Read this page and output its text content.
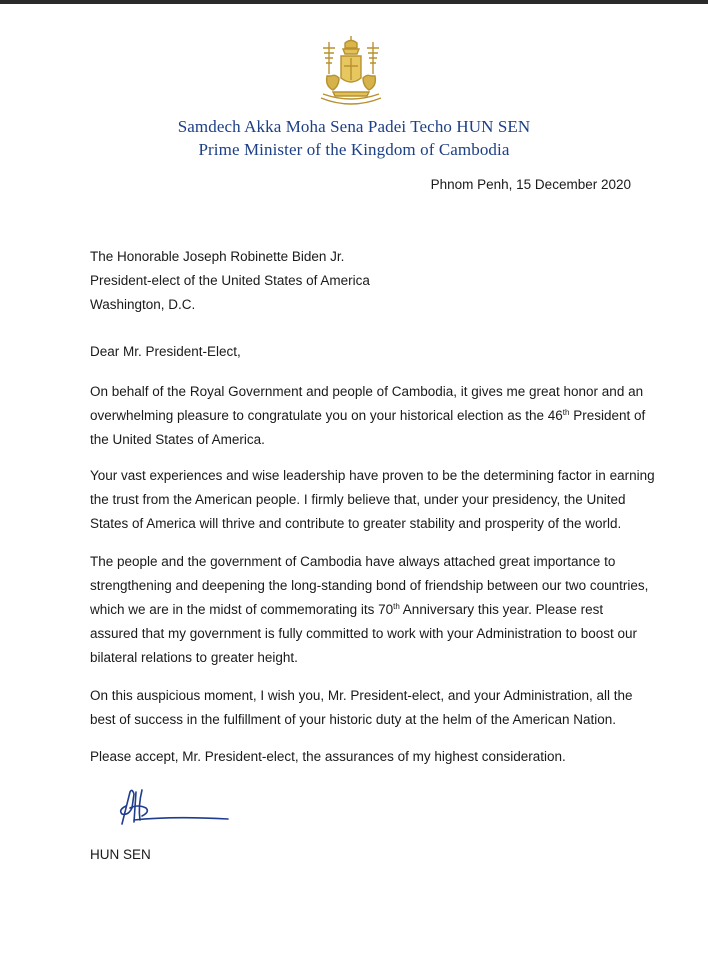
Samdech Akka Moha Sena Padei Techo HUN SEN
Prime Minister of the Kingdom of Cambodia
Phnom Penh, 15 December 2020
The Honorable Joseph Robinette Biden Jr.
President-elect of the United States of America
Washington, D.C.
Dear Mr. President-Elect,

On behalf of the Royal Government and people of Cambodia, it gives me great honor and an

overwhelming pleasure to congratulate you on your historical election as the 46th President of

the United States of America.

Your vast experiences and wise leadership have proven to be the determining factor in earning

the trust from the American people. I firmly believe that, under your presidency, the United

States of America will thrive and contribute to greater stability and prosperity of the world.

The people and the government of Cambodia have always attached great importance to

strengthening and deepening the long-standing bond of friendship between our two countries,

which we are in the midst of commemorating its 70th Anniversary this year. Please rest

assured that my government is fully committed to work with your Administration to boost our

bilateral relations to greater height.

On this auspicious moment, I wish you, Mr. President-elect, and your Administration, all the

best of success in the fulfillment of your historic duty at the helm of the American Nation.

Please accept, Mr. President-elect, the assurances of my highest consideration.
HUN SEN
